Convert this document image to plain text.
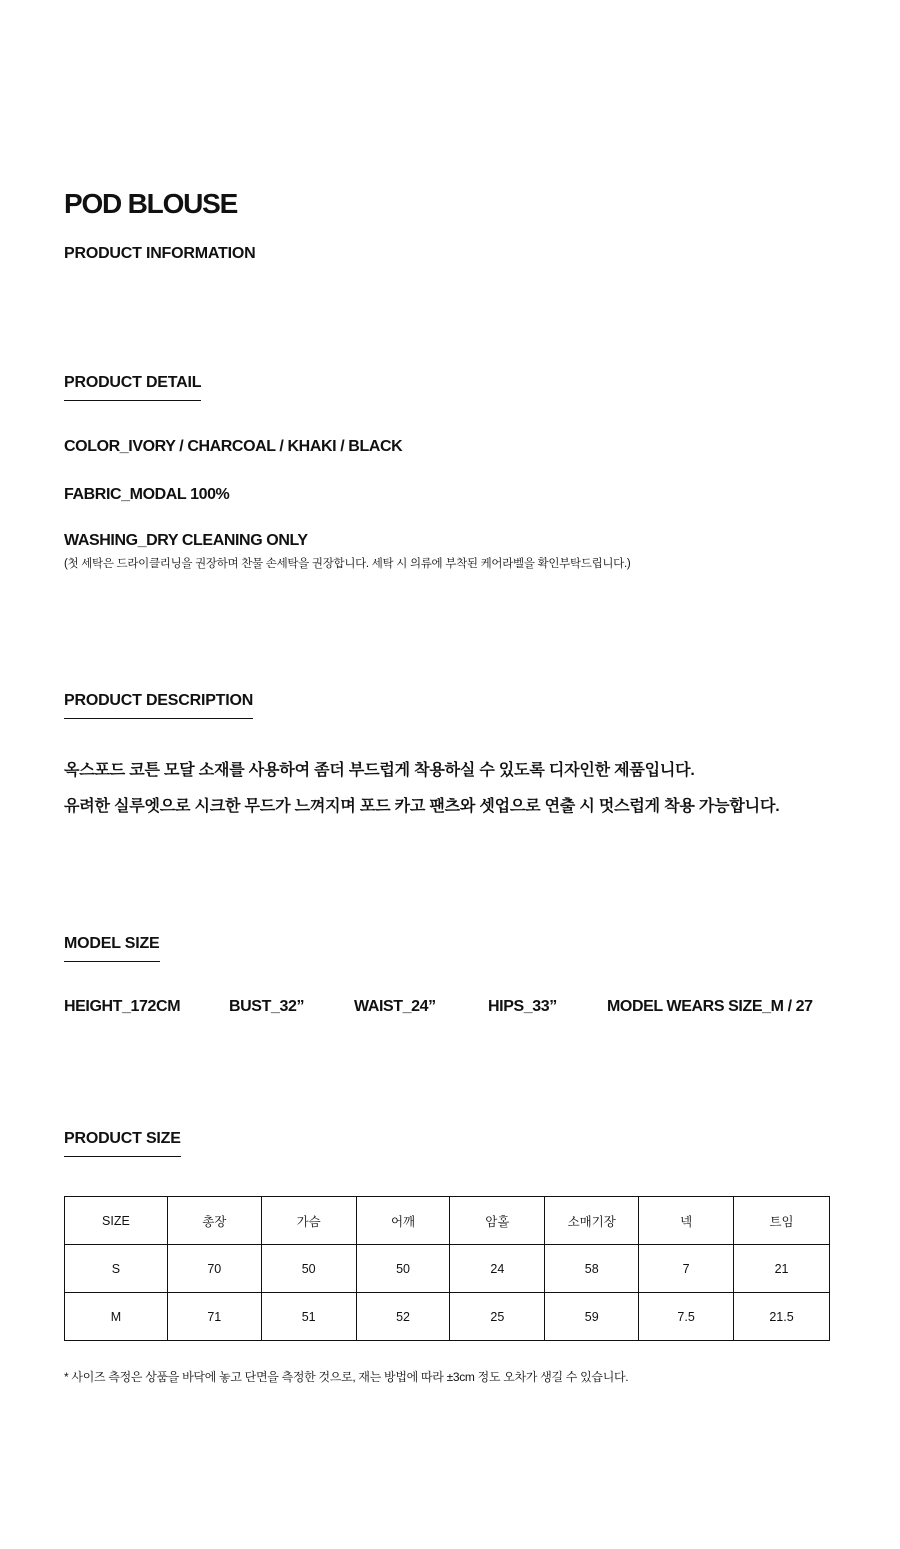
POD BLOUSE
PRODUCT INFORMATION
PRODUCT DETAIL
COLOR_IVORY / CHARCOAL / KHAKI / BLACK
FABRIC_MODAL 100%
WASHING_DRY CLEANING ONLY
(첫 세탁은 드라이클리닝을 권장하며 찬물 손세탁을 권장합니다. 세탁 시 의류에 부착된 케어라벨을 확인부탁드립니다.)
PRODUCT DESCRIPTION
옥스포드 코튼 모달 소재를 사용하여 좀더 부드럽게 착용하실 수 있도록 디자인한 제품입니다.
유려한 실루엣으로 시크한 무드가 느껴지며 포드 카고 팬츠와 셋업으로 연출 시 멋스럽게 착용 가능합니다.
MODEL SIZE
HEIGHT_172CM	BUST_32”	WAIST_24”	HIPS_33”	MODEL WEARS SIZE_M / 27
PRODUCT SIZE
SIZE	총장	가슴	어깨	암홀	소매기장	넥	트임
S	70	50	50	24	58	7	21
M	71	51	52	25	59	7.5	21.5
* 사이즈 측정은 상품을 바닥에 놓고 단면을 측정한 것으로, 재는 방법에 따라 ±3cm 정도 오차가 생길 수 있습니다.
